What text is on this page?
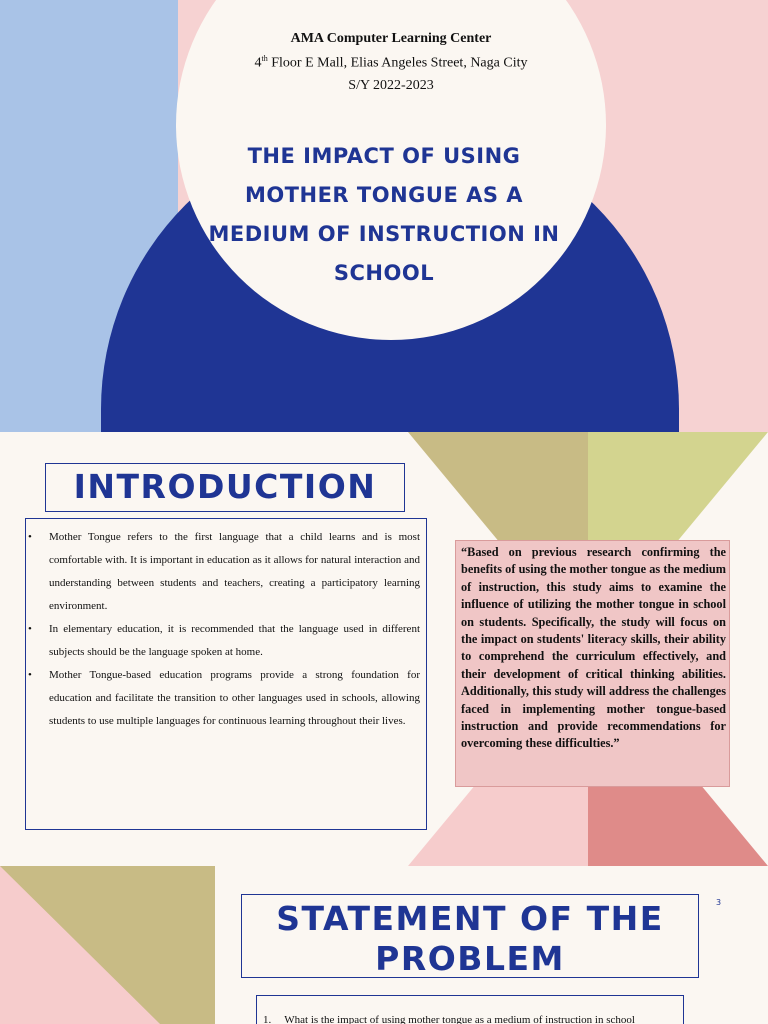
AMA Computer Learning Center
4th Floor E Mall, Elias Angeles Street, Naga City
S/Y 2022-2023
THE IMPACT OF USING MOTHER TONGUE AS A MEDIUM OF INSTRUCTION IN SCHOOL
INTRODUCTION
• Mother Tongue refers to the first language that a child learns and is most comfortable with. It is important in education as it allows for natural interaction and understanding between students and teachers, creating a participatory learning environment.
• In elementary education, it is recommended that the language used in different subjects should be the language spoken at home.
• Mother Tongue-based education programs provide a strong foundation for education and facilitate the transition to other languages used in schools, allowing students to use multiple languages for continuous learning throughout their lives.
“Based on previous research confirming the benefits of using the mother tongue as the medium of instruction, this study aims to examine the influence of utilizing the mother tongue in school on students. Specifically, the study will focus on the impact on students' literacy skills, their ability to comprehend the curriculum effectively, and their development of critical thinking abilities. Additionally, this study will address the challenges faced in implementing mother tongue-based instruction and provide recommendations for overcoming these difficulties.”
STATEMENT OF THE
PROBLEM
3
1. What is the impact of using mother tongue as a medium of instruction in school
